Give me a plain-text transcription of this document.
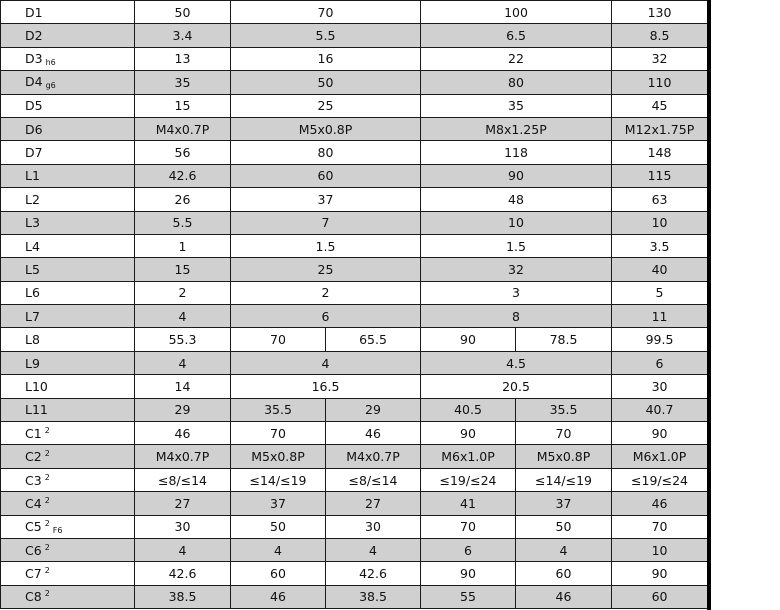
D1	50	70		100		130
D2	3.4	5.5		6.5		8.5
D3 $_{h6}$	13	16		22		32
D4 $_{g6}$	35	50		80		110
D5	15	25		35		45
D6	M4x0.7P	M5x0.8P		M8x1.25P		M12x1.75P
D7	56	80		118		148
L1	42.6	60		90		115
L2	26	37		48		63
L3	5.5	7		10		10
L4	1	1.5		1.5		3.5
L5	15	25		32		40
L6	2	2		3		5
L7	4	6		8		11
L8	55.3	70	65.5	90	78.5	99.5
L9	4	4		4.5		6
L10	14	16.5		20.5		30
L11	29	35.5	29	40.5	35.5	40.7
C1 $^2$	46	70	46	90	70	90
C2 $^2$	M4x0.7P	M5x0.8P	M4x0.7P	M6x1.0P	M5x0.8P	M6x1.0P
C3 $^2$	≤8/≤14	≤14/≤19	≤8/≤14	≤19/≤24	≤14/≤19	≤19/≤24
C4 $^2$	27	37	27	41	37	46
C5 $^2$F6	30	50	30	70	50	70
C6 $^2$	4	4	4	6	4	10
C7 $^2$	42.6	60	42.6	90	60	90
C8 $^2$	38.5	46	38.5	55	46	60
